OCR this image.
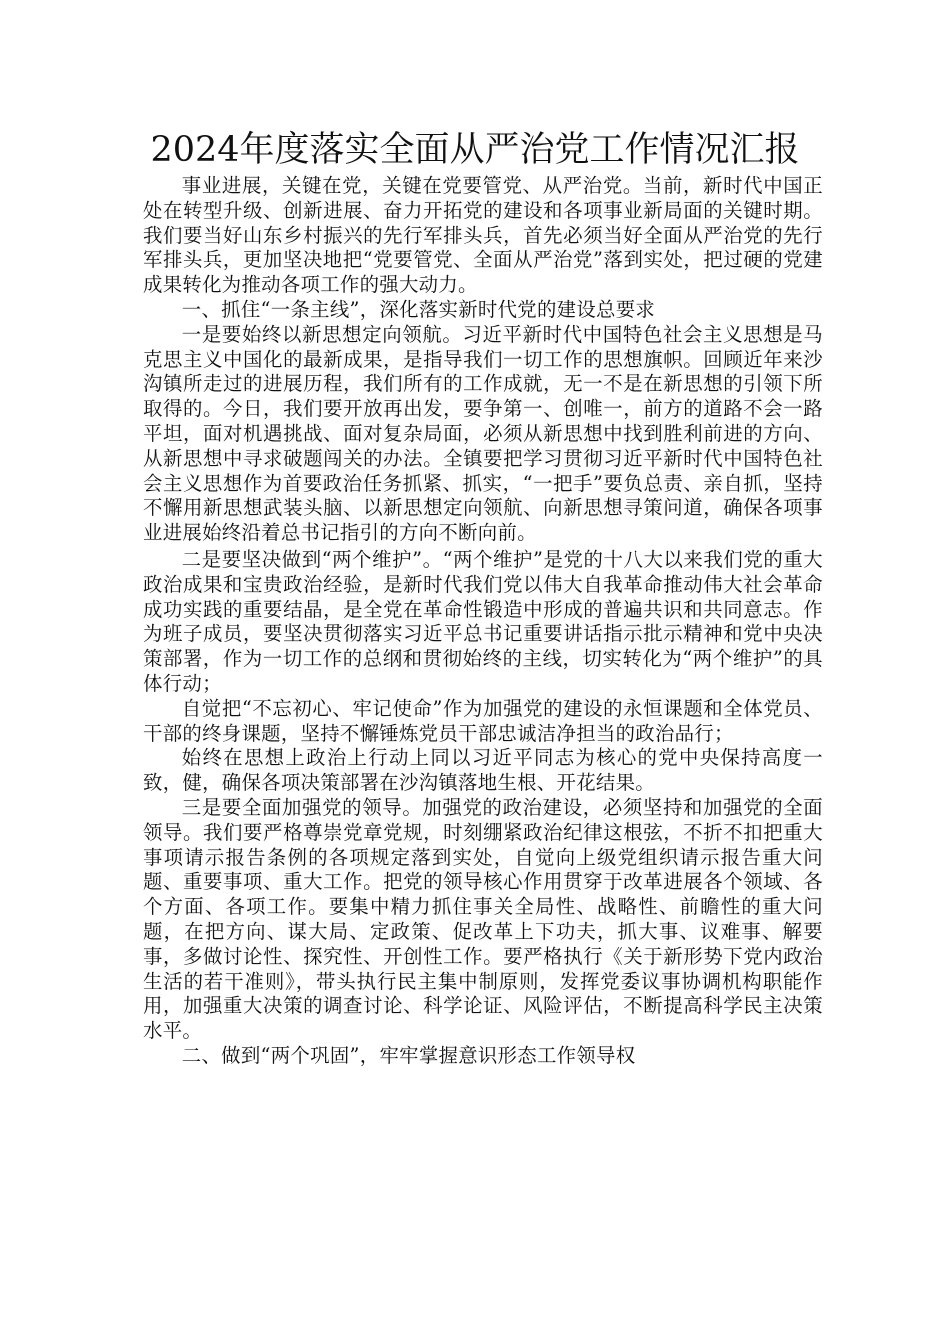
2024年度落实全面从严治党工作情况汇报

事业进展，关键在党，关键在党要管党、从严治党。当前，新时代中国正处在转型升级、创新进展、奋力开拓党的建设和各项事业新局面的关键时期。我们要当好山东乡村振兴的先行军排头兵，首先必须当好全面从严治党的先行军排头兵，更加坚决地把“党要管党、全面从严治党”落到实处，把过硬的党建成果转化为推动各项工作的强大动力。

一、抓住“一条主线”，深化落实新时代党的建设总要求

一是要始终以新思想定向领航。习近平新时代中国特色社会主义思想是马克思主义中国化的最新成果，是指导我们一切工作的思想旗帜。回顾近年来沙沟镇所走过的进展历程，我们所有的工作成就，无一不是在新思想的引领下所取得的。今日，我们要开放再出发，要争第一、创唯一，前方的道路不会一路平坦，面对机遇挑战、面对复杂局面，必须从新思想中找到胜利前进的方向、从新思想中寻求破题闯关的办法。全镇要把学习贯彻习近平新时代中国特色社会主义思想作为首要政治任务抓紧、抓实，“一把手”要负总责、亲自抓，坚持不懈用新思想武装头脑、以新思想定向领航、向新思想寻策问道，确保各项事业进展始终沿着总书记指引的方向不断向前。

二是要坚决做到“两个维护”。“两个维护”是党的十八大以来我们党的重大政治成果和宝贵政治经验，是新时代我们党以伟大自我革命推动伟大社会革命成功实践的重要结晶，是全党在革命性锻造中形成的普遍共识和共同意志。作为班子成员，要坚决贯彻落实习近平总书记重要讲话指示批示精神和党中央决策部署，作为一切工作的总纲和贯彻始终的主线，切实转化为“两个维护”的具体行动；

自觉把“不忘初心、牢记使命”作为加强党的建设的永恒课题和全体党员、干部的终身课题，坚持不懈锤炼党员干部忠诚洁净担当的政治品行；

始终在思想上政治上行动上同以习近平同志为核心的党中央保持高度一致，健，确保各项决策部署在沙沟镇落地生根、开花结果。

三是要全面加强党的领导。加强党的政治建设，必须坚持和加强党的全面领导。我们要严格尊崇党章党规，时刻绷紧政治纪律这根弦，不折不扣把重大事项请示报告条例的各项规定落到实处，自觉向上级党组织请示报告重大问题、重要事项、重大工作。把党的领导核心作用贯穿于改革进展各个领域、各个方面、各项工作。要集中精力抓住事关全局性、战略性、前瞻性的重大问题，在把方向、谋大局、定政策、促改革上下功夫，抓大事、议难事、解要事，多做讨论性、探究性、开创性工作。要严格执行《关于新形势下党内政治生活的若干准则》，带头执行民主集中制原则，发挥党委议事协调机构职能作用，加强重大决策的调查讨论、科学论证、风险评估，不断提高科学民主决策水平。

二、做到“两个巩固”，牢牢掌握意识形态工作领导权
